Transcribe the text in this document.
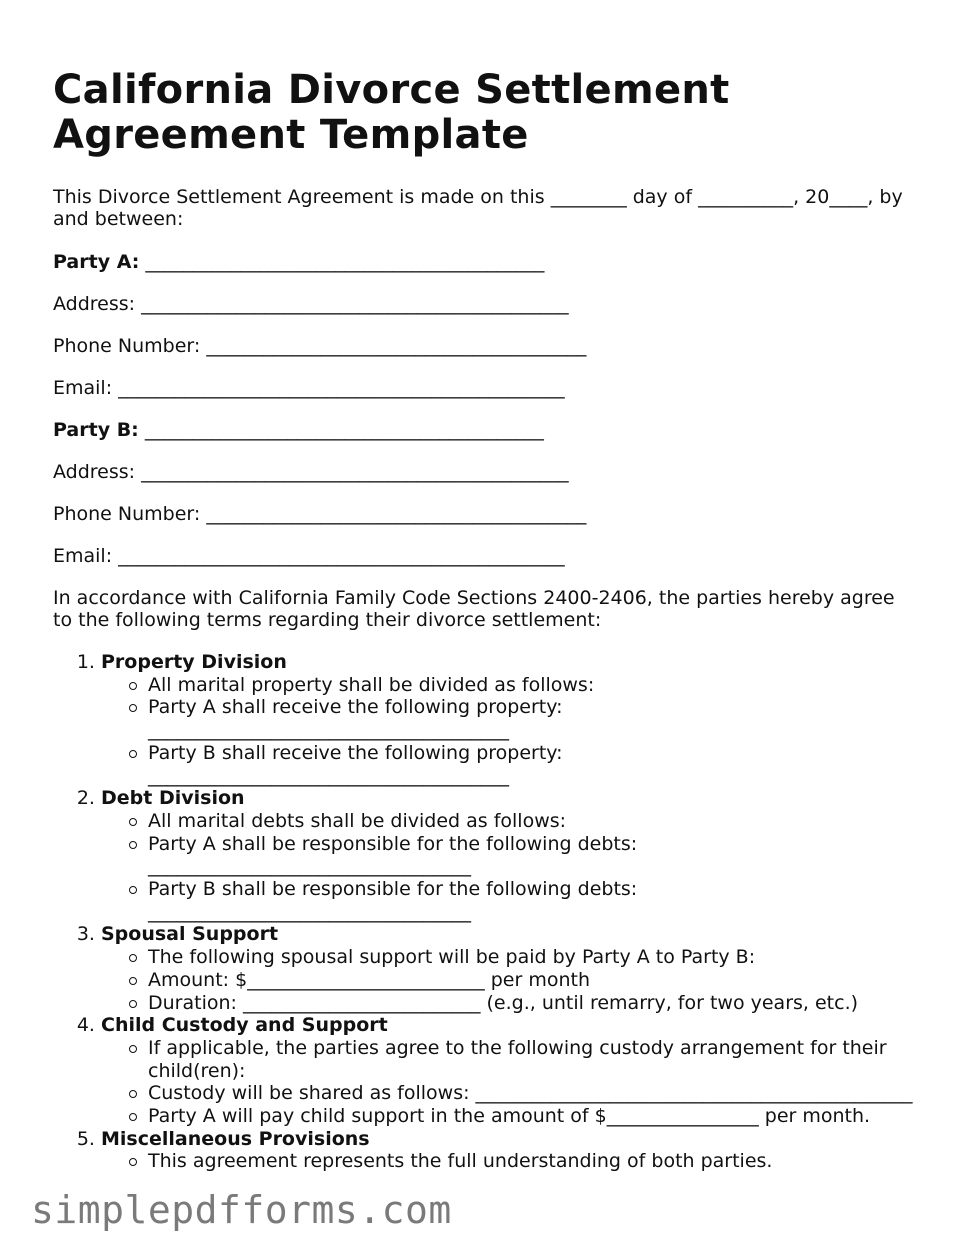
California Divorce Settlement Agreement Template

This Divorce Settlement Agreement is made on this ________ day of __________, 20____, by and between:

Party A: __________________________________________
Address: _____________________________________________
Phone Number: ________________________________________
Email: _______________________________________________
Party B: __________________________________________
Address: _____________________________________________
Phone Number: ________________________________________
Email: _______________________________________________

In accordance with California Family Code Sections 2400-2406, the parties hereby agree to the following terms regarding their divorce settlement:

1. Property Division
All marital property shall be divided as follows:
Party A shall receive the following property: ______________________________________
Party B shall receive the following property: ______________________________________
2. Debt Division
All marital debts shall be divided as follows:
Party A shall be responsible for the following debts: __________________________________
Party B shall be responsible for the following debts: __________________________________
3. Spousal Support
The following spousal support will be paid by Party A to Party B:
Amount: $_________________________ per month
Duration: _________________________ (e.g., until remarry, for two years, etc.)
4. Child Custody and Support
If applicable, the parties agree to the following custody arrangement for their child(ren):
Custody will be shared as follows: ______________________________________________
Party A will pay child support in the amount of $________________ per month.
5. Miscellaneous Provisions
This agreement represents the full understanding of both parties.
simplepdfforms.com
